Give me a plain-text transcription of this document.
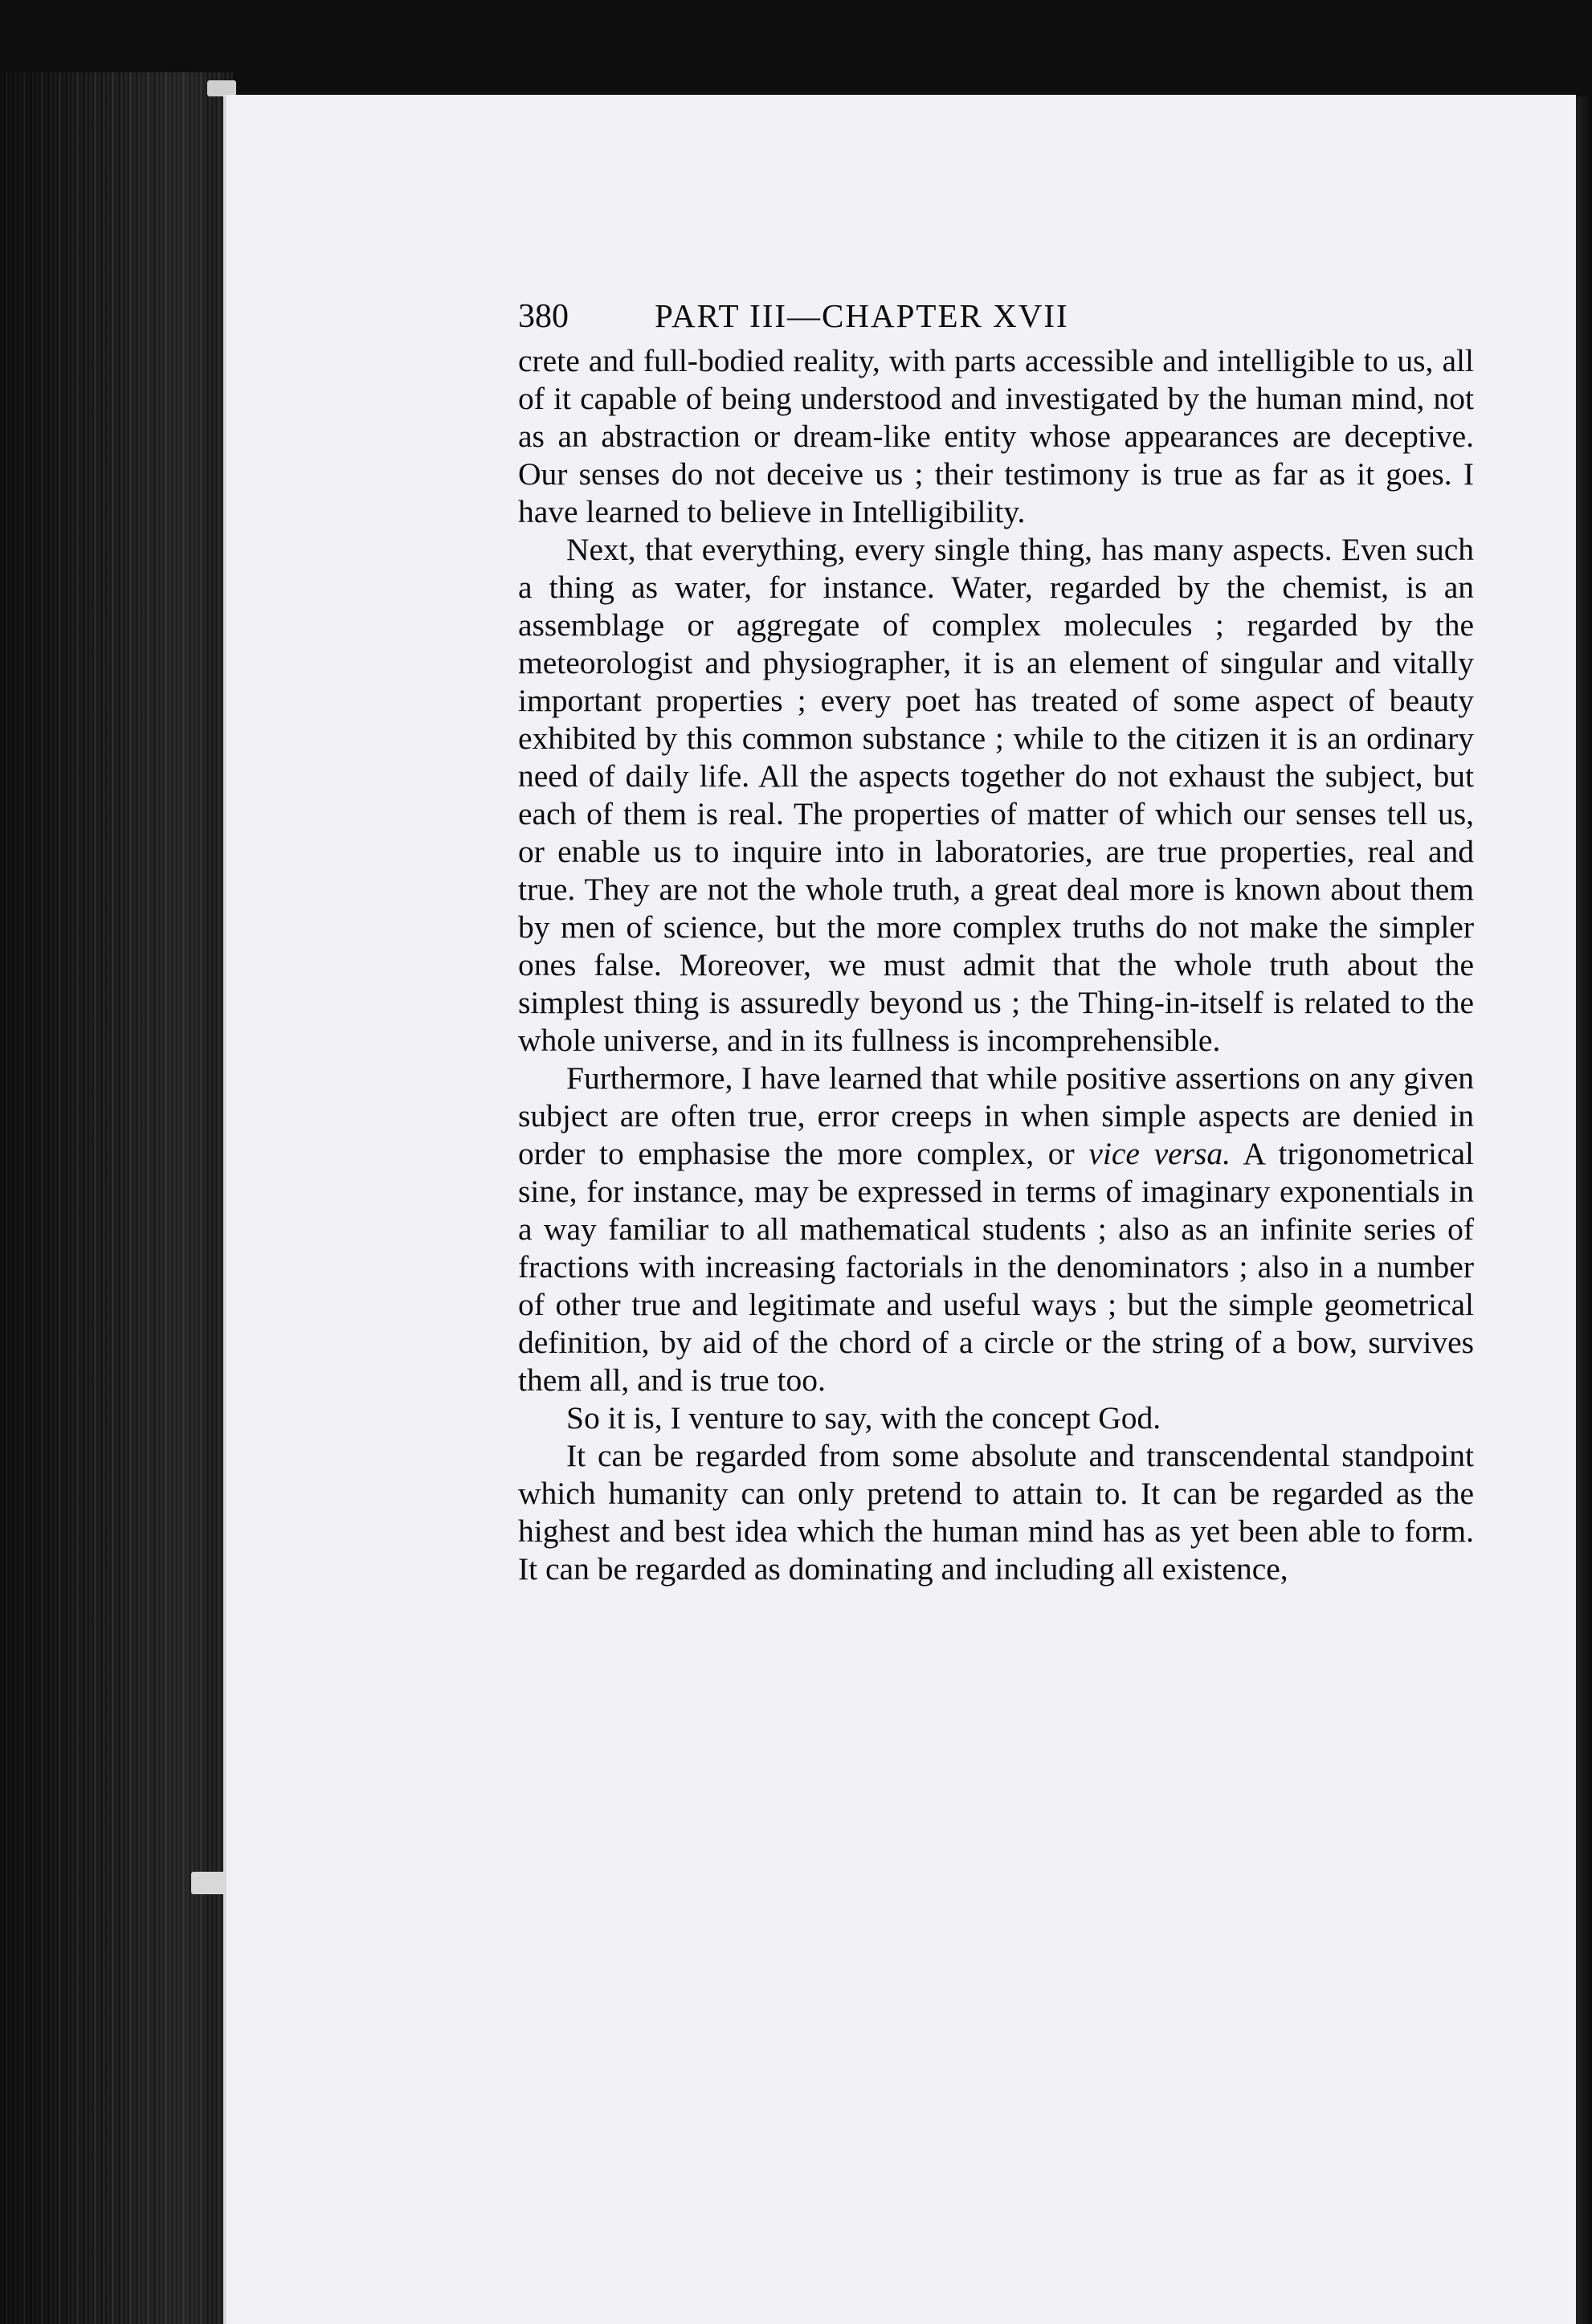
380	PART III—CHAPTER XVII

crete and full-bodied reality, with parts accessible and intelligible to us, all of it capable of being understood and investigated by the human mind, not as an abstraction or dream-like entity whose appearances are deceptive. Our senses do not deceive us ; their testimony is true as far as it goes. I have learned to believe in Intelligibility.

Next, that everything, every single thing, has many aspects. Even such a thing as water, for instance. Water, regarded by the chemist, is an assemblage or aggregate of complex molecules ; regarded by the meteorologist and physiographer, it is an element of singular and vitally important properties ; every poet has treated of some aspect of beauty exhibited by this common substance ; while to the citizen it is an ordinary need of daily life. All the aspects together do not exhaust the subject, but each of them is real. The properties of matter of which our senses tell us, or enable us to inquire into in laboratories, are true properties, real and true. They are not the whole truth, a great deal more is known about them by men of science, but the more complex truths do not make the simpler ones false. Moreover, we must admit that the whole truth about the simplest thing is assuredly beyond us ; the Thing-in-itself is related to the whole universe, and in its fullness is incomprehensible.

Furthermore, I have learned that while positive assertions on any given subject are often true, error creeps in when simple aspects are denied in order to emphasise the more complex, or vice versa. A trigonometrical sine, for instance, may be expressed in terms of imaginary exponentials in a way familiar to all mathematical students ; also as an infinite series of fractions with increasing factorials in the denominators ; also in a number of other true and legitimate and useful ways ; but the simple geometrical definition, by aid of the chord of a circle or the string of a bow, survives them all, and is true too.

So it is, I venture to say, with the concept God.

It can be regarded from some absolute and transcendental standpoint which humanity can only pretend to attain to. It can be regarded as the highest and best idea which the human mind has as yet been able to form. It can be regarded as dominating and including all existence,
